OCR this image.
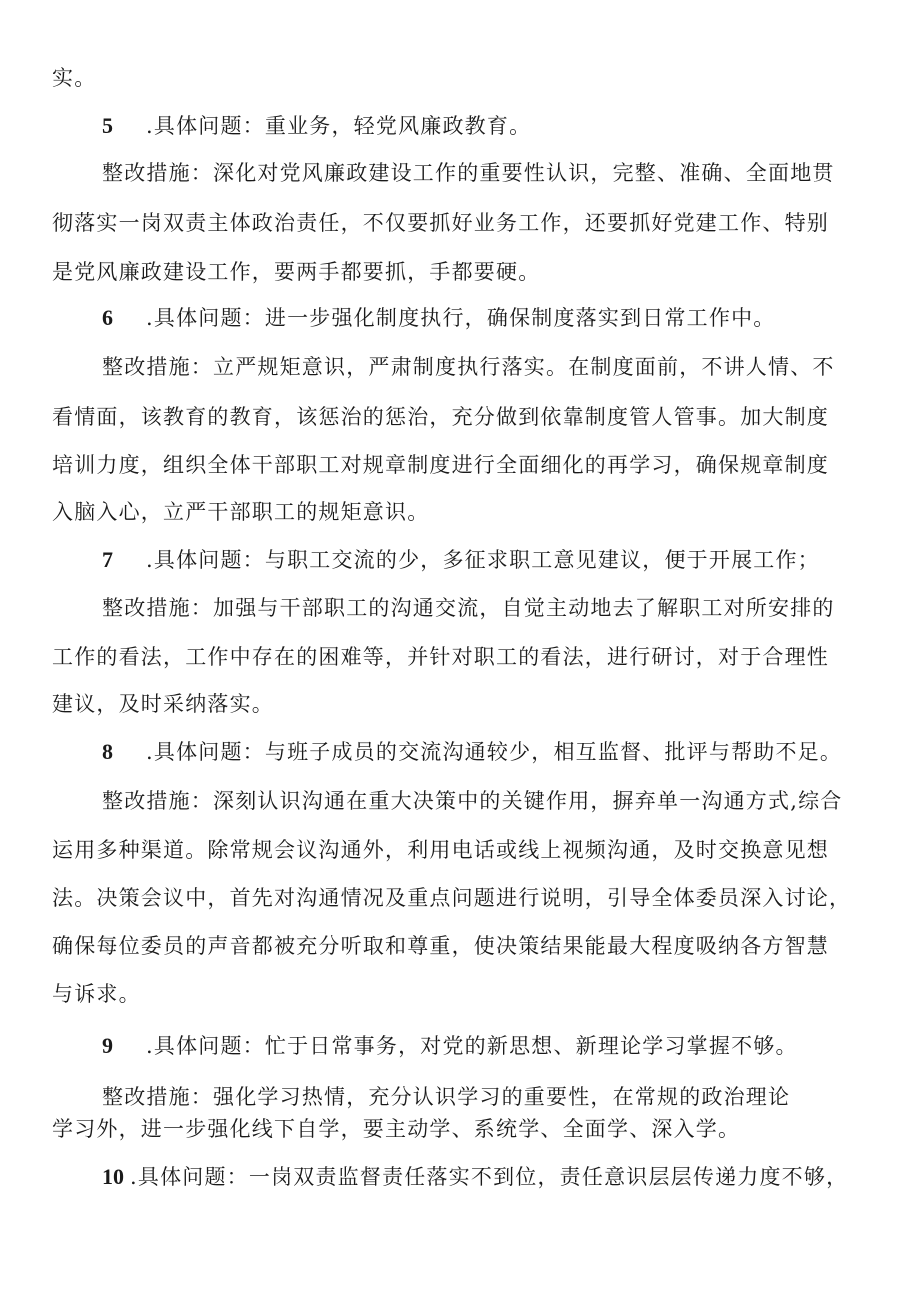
实。
5 .具体问题：重业务，轻党风廉政教育。
整改措施：深化对党风廉政建设工作的重要性认识，完整、准确、全面地贯
彻落实一岗双责主体政治责任，不仅要抓好业务工作，还要抓好党建工作、特别
是党风廉政建设工作，要两手都要抓，手都要硬。
6 .具体问题：进一步强化制度执行，确保制度落实到日常工作中。
整改措施：立严规矩意识，严肃制度执行落实。在制度面前，不讲人情、不
看情面，该教育的教育，该惩治的惩治，充分做到依靠制度管人管事。加大制度
培训力度，组织全体干部职工对规章制度进行全面细化的再学习，确保规章制度
入脑入心，立严干部职工的规矩意识。
7 .具体问题：与职工交流的少，多征求职工意见建议，便于开展工作；
整改措施：加强与干部职工的沟通交流，自觉主动地去了解职工对所安排的
工作的看法，工作中存在的困难等，并针对职工的看法，进行研讨，对于合理性
建议，及时采纳落实。
8 .具体问题：与班子成员的交流沟通较少，相互监督、批评与帮助不足。
整改措施：深刻认识沟通在重大决策中的关键作用，摒弃单一沟通方式,综合
运用多种渠道。除常规会议沟通外，利用电话或线上视频沟通，及时交换意见想
法。决策会议中，首先对沟通情况及重点问题进行说明，引导全体委员深入讨论，
确保每位委员的声音都被充分听取和尊重，使决策结果能最大程度吸纳各方智慧
与诉求。
9 .具体问题：忙于日常事务，对党的新思想、新理论学习掌握不够。
整改措施：强化学习热情，充分认识学习的重要性，在常规的政治理论
学习外，进一步强化线下自学，要主动学、系统学、全面学、深入学。
10 .具体问题：一岗双责监督责任落实不到位，责任意识层层传递力度不够，
